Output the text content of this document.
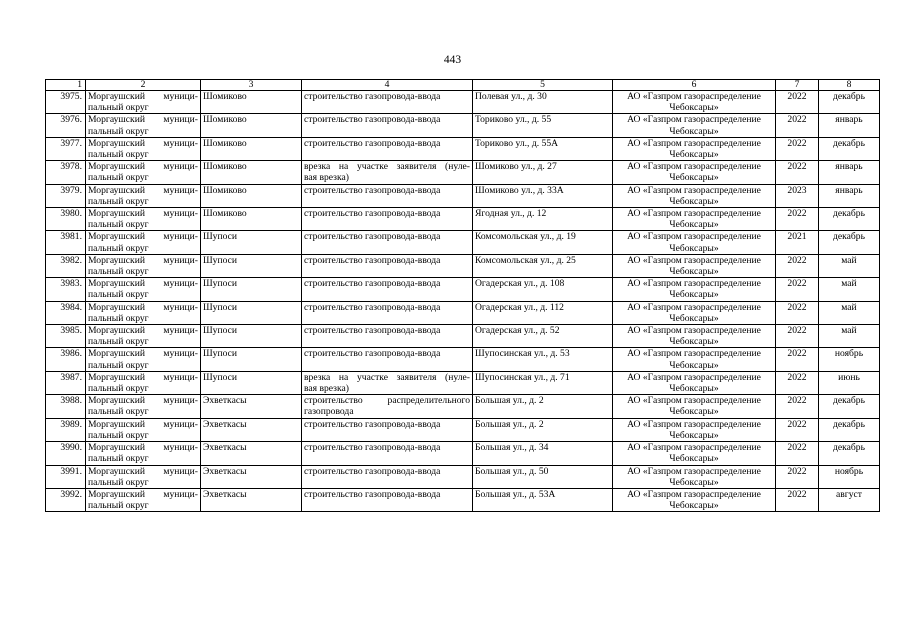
443
1	2	3	4	5	6	7	8
3975.	Моргаушский муници-
пальный округ	Шомиково	строительство газопровода-ввода	Полевая ул., д. 30	АО «Газпром газораспределение
Чебоксары»	2022	декабрь
3976.	Моргаушский муници-
пальный округ	Шомиково	строительство газопровода-ввода	Ториково ул., д. 55	АО «Газпром газораспределение
Чебоксары»	2022	январь
3977.	Моргаушский муници-
пальный округ	Шомиково	строительство газопровода-ввода	Ториково ул., д. 55А	АО «Газпром газораспределение
Чебоксары»	2022	декабрь
3978.	Моргаушский муници-
пальный округ	Шомиково	врезка на участке заявителя (нуле-
вая врезка)	Шомиково ул., д. 27	АО «Газпром газораспределение
Чебоксары»	2022	январь
3979.	Моргаушский муници-
пальный округ	Шомиково	строительство газопровода-ввода	Шомиково ул., д. 33А	АО «Газпром газораспределение
Чебоксары»	2023	январь
3980.	Моргаушский муници-
пальный округ	Шомиково	строительство газопровода-ввода	Ягодная ул., д. 12	АО «Газпром газораспределение
Чебоксары»	2022	декабрь
3981.	Моргаушский муници-
пальный округ	Шупоси	строительство газопровода-ввода	Комсомольская ул., д. 19	АО «Газпром газораспределение
Чебоксары»	2021	декабрь
3982.	Моргаушский муници-
пальный округ	Шупоси	строительство газопровода-ввода	Комсомольская ул., д. 25	АО «Газпром газораспределение
Чебоксары»	2022	май
3983.	Моргаушский муници-
пальный округ	Шупоси	строительство газопровода-ввода	Огадерская ул., д. 108	АО «Газпром газораспределение
Чебоксары»	2022	май
3984.	Моргаушский муници-
пальный округ	Шупоси	строительство газопровода-ввода	Огадерская ул., д. 112	АО «Газпром газораспределение
Чебоксары»	2022	май
3985.	Моргаушский муници-
пальный округ	Шупоси	строительство газопровода-ввода	Огадерская ул., д. 52	АО «Газпром газораспределение
Чебоксары»	2022	май
3986.	Моргаушский муници-
пальный округ	Шупоси	строительство газопровода-ввода	Шупосинская ул., д. 53	АО «Газпром газораспределение
Чебоксары»	2022	ноябрь
3987.	Моргаушский муници-
пальный округ	Шупоси	врезка на участке заявителя (нуле-
вая врезка)	Шупосинская ул., д. 71	АО «Газпром газораспределение
Чебоксары»	2022	июнь
3988.	Моргаушский муници-
пальный округ	Эхветкасы	строительство распределительного
газопровода	Большая ул., д. 2	АО «Газпром газораспределение
Чебоксары»	2022	декабрь
3989.	Моргаушский муници-
пальный округ	Эхветкасы	строительство газопровода-ввода	Большая ул., д. 2	АО «Газпром газораспределение
Чебоксары»	2022	декабрь
3990.	Моргаушский муници-
пальный округ	Эхветкасы	строительство газопровода-ввода	Большая ул., д. 34	АО «Газпром газораспределение
Чебоксары»	2022	декабрь
3991.	Моргаушский муници-
пальный округ	Эхветкасы	строительство газопровода-ввода	Большая ул., д. 50	АО «Газпром газораспределение
Чебоксары»	2022	ноябрь
3992.	Моргаушский муници-
пальный округ	Эхветкасы	строительство газопровода-ввода	Большая ул., д. 53А	АО «Газпром газораспределение
Чебоксары»	2022	август
